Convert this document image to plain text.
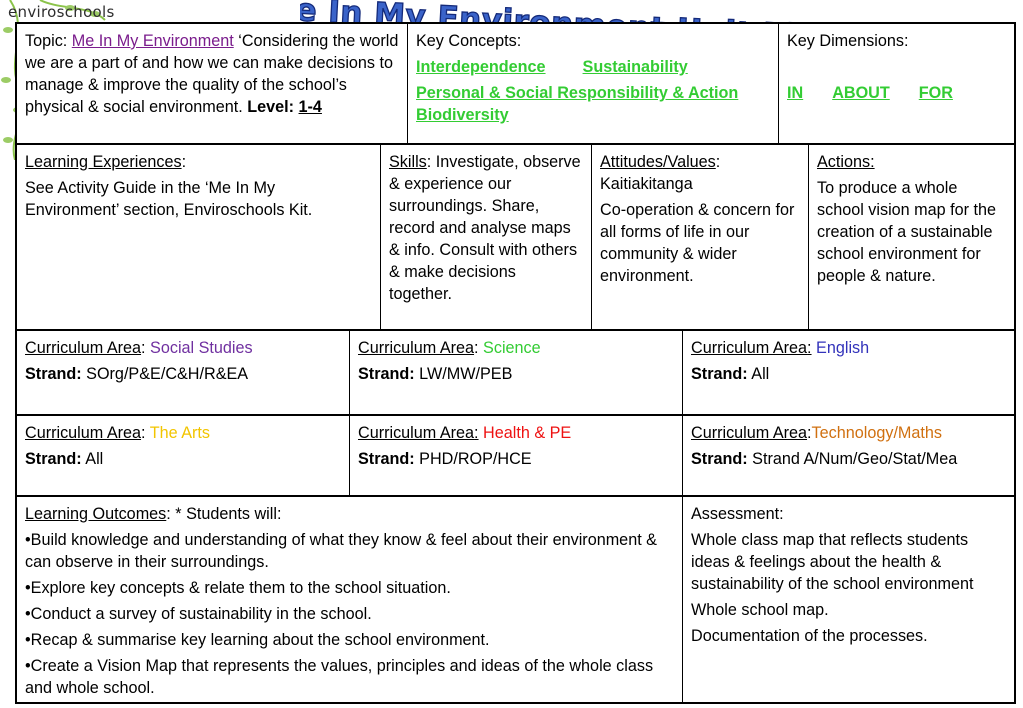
enviroschools
Topic: Me In My Environment ‘Considering the world we are a part of and how we can make decisions to manage & improve the quality of the school’s physical & social environment. Level: 1-4
Key Concepts:
Interdependence Sustainability
Personal & Social Responsibility & Action
Biodiversity
Key Dimensions:
IN ABOUT FOR
Learning Experiences:
See Activity Guide in the ‘Me In My Environment’ section, Enviroschools Kit.
Skills: Investigate, observe & experience our surroundings. Share, record and analyse maps & info. Consult with others & make decisions together.
Attitudes/Values:
Kaitiakitanga
Co-operation & concern for all forms of life in our community & wider environment.
Actions:
To produce a whole school vision map for the creation of a sustainable school environment for people & nature.
Curriculum Area: Social Studies
Strand: SOrg/P&E/C&H/R&EA
Curriculum Area: Science
Strand: LW/MW/PEB
Curriculum Area: English
Strand: All
Curriculum Area: The Arts
Strand: All
Curriculum Area: Health & PE
Strand: PHD/ROP/HCE
Curriculum Area:Technology/Maths
Strand: Strand A/Num/Geo/Stat/Mea
Learning Outcomes: * Students will:
•Build knowledge and understanding of what they know & feel about their environment & can observe in their surroundings.
•Explore key concepts & relate them to the school situation.
•Conduct a survey of sustainability in the school.
•Recap & summarise key learning about the school environment.
•Create a Vision Map that represents the values, principles and ideas of the whole class and whole school.
Assessment:
Whole class map that reflects students ideas & feelings about the health & sustainability of the school environment
Whole school map.
Documentation of the processes.
